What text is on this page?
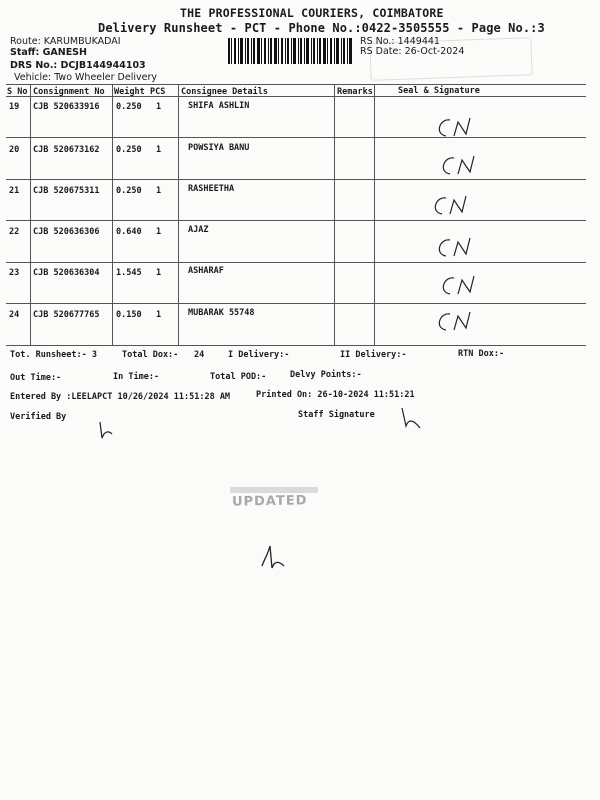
THE PROFESSIONAL COURIERS, COIMBATORE
Delivery Runsheet - PCT - Phone No.:0422-3505555 - Page No.:3
Route: KARUMBUKADAI
Staff: GANESH
DRS No.: DCJB144944103
Vehicle: Two Wheeler Delivery
RS No.: 1449441
RS Date: 26-Oct-2024
S No Consignment No Weight PCS Consignee Details	Remarks	Seal & Signature
19 CJB 520633916 0.250 1	SHIFA ASHLIN
20 CJB 520673162 0.250 1	POWSIYA BANU
21 CJB 520675311 0.250 1	RASHEETHA
22 CJB 520636306 0.640 1	AJAZ
23 CJB 520636304 1.545 1	ASHARAF
24 CJB 520677765 0.150 1	MUBARAK 55748
Tot. Runsheet:- 3	Total Dox:- 24	I Delivery:-	II Delivery:-	RTN Dox:-
Out Time:-	In Time:-	Total POD:-	Delvy Points:-
Entered By :LEELAPCT 10/26/2024 11:51:28 AM	Printed On: 26-10-2024 11:51:21
Verified By	Staff Signature
UPDATED
